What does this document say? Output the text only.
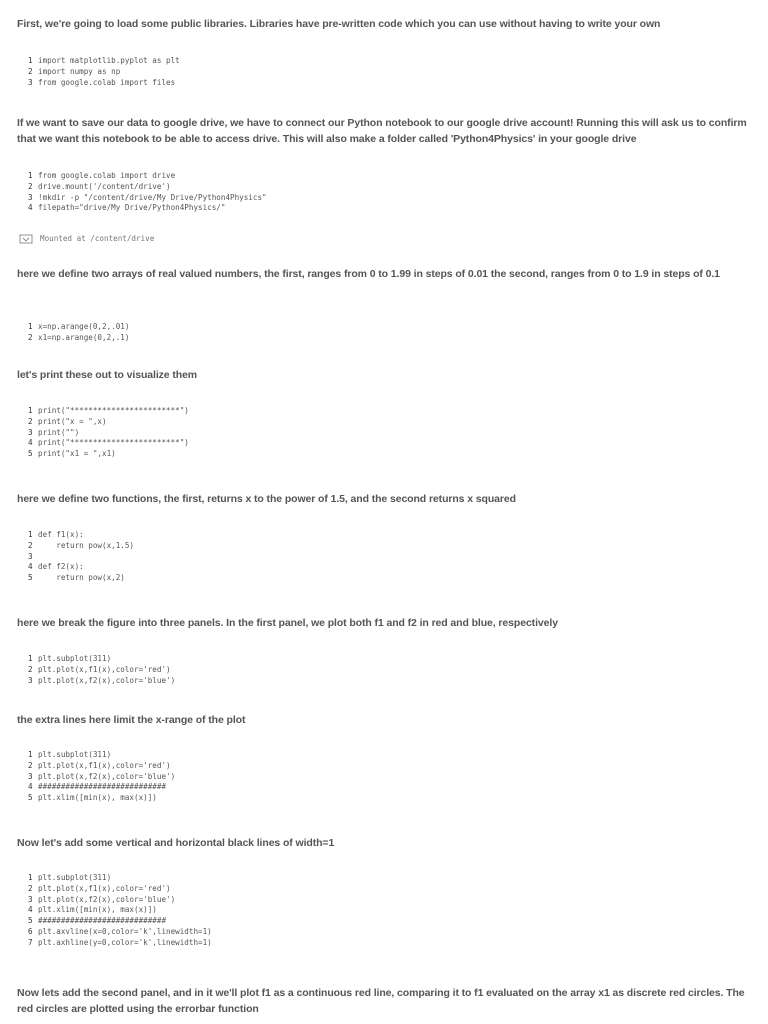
First, we're going to load some public libraries. Libraries have pre-written code which you can use without having to write your own
1 import matplotlib.pyplot as plt
2 import numpy as np
3 from google.colab import files
If we want to save our data to google drive, we have to connect our Python notebook to our google drive account! Running this will ask us to confirm that we want this notebook to be able to access drive. This will also make a folder called 'Python4Physics' in your google drive
1 from google.colab import drive
2 drive.mount('/content/drive')
3 !mkdir -p "/content/drive/My Drive/Python4Physics"
4 filepath="drive/My Drive/Python4Physics/"
Mounted at /content/drive
here we define two arrays of real valued numbers, the first, ranges from 0 to 1.99 in steps of 0.01 the second, ranges from 0 to 1.9 in steps of 0.1
1 x=np.arange(0,2,.01)
2 x1=np.arange(0,2,.1)
let's print these out to visualize them
1 print("************************")
2 print("x = ",x)
3 print("")
4 print("************************")
5 print("x1 = ",x1)
here we define two functions, the first, returns x to the power of 1.5, and the second returns x squared
1 def f1(x):
2 return pow(x,1.5)
3
4 def f2(x):
5 return pow(x,2)
here we break the figure into three panels. In the first panel, we plot both f1 and f2 in red and blue, respectively
1 plt.subplot(311)
2 plt.plot(x,f1(x),color='red')
3 plt.plot(x,f2(x),color='blue')
the extra lines here limit the x-range of the plot
1 plt.subplot(311)
2 plt.plot(x,f1(x),color='red')
3 plt.plot(x,f2(x),color='blue')
4 ############################
5 plt.xlim([min(x), max(x)])
Now let's add some vertical and horizontal black lines of width=1
1 plt.subplot(311)
2 plt.plot(x,f1(x),color='red')
3 plt.plot(x,f2(x),color='blue')
4 plt.xlim([min(x), max(x)])
5 ############################
6 plt.axvline(x=0,color='k',linewidth=1)
7 plt.axhline(y=0,color='k',linewidth=1)
Now lets add the second panel, and in it we'll plot f1 as a continuous red line, comparing it to f1 evaluated on the array x1 as discrete red circles. The red circles are plotted using the errorbar function
